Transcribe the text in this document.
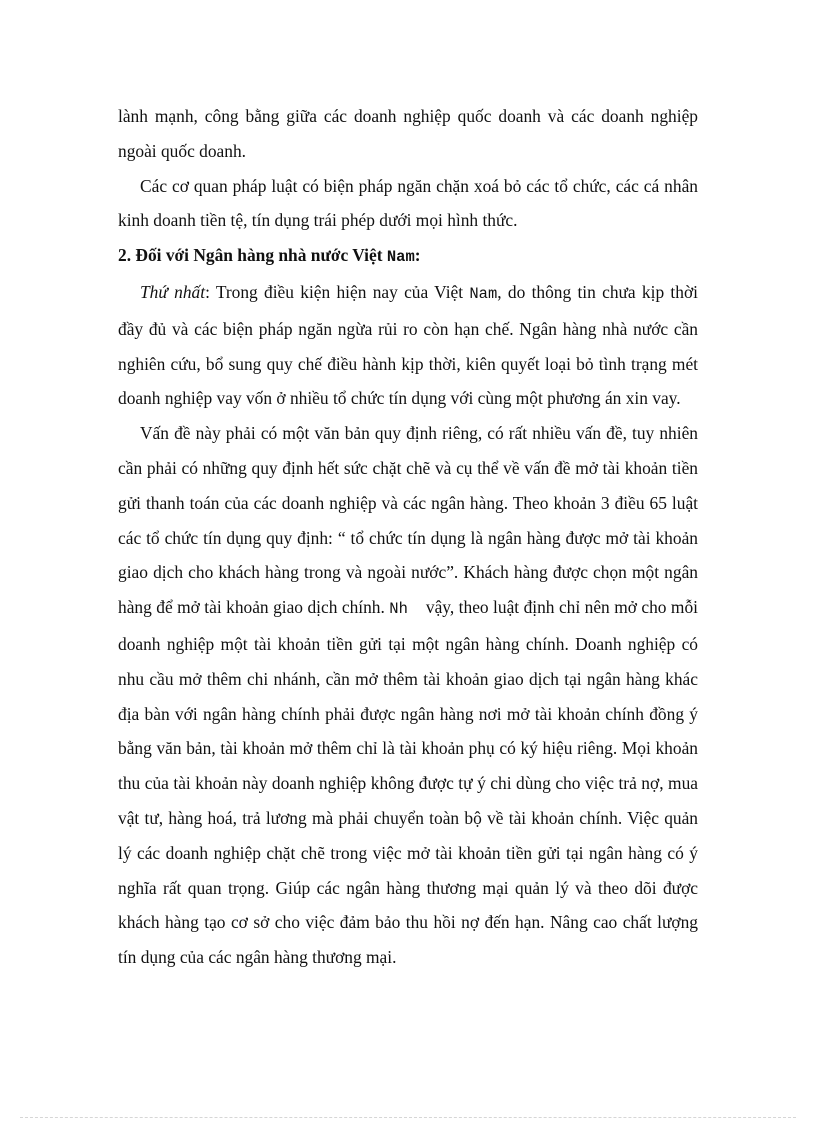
lành mạnh, công bằng giữa các doanh nghiệp quốc doanh và các doanh nghiệp ngoài quốc doanh.

Các cơ quan pháp luật có biện pháp ngăn chặn xoá bỏ các tổ chức, các cá nhân kinh doanh tiền tệ, tín dụng trái phép dưới mọi hình thức.

2. Đối với Ngân hàng nhà nước Việt Nam:

Thứ nhất: Trong điều kiện hiện nay của Việt Nam, do thông tin chưa kịp thời đầy đủ và các biện pháp ngăn ngừa rủi ro còn hạn chế. Ngân hàng nhà nước cần nghiên cứu, bổ sung quy chế điều hành kịp thời, kiên quyết loại bỏ tình trạng mét doanh nghiệp vay vốn ở nhiều tổ chức tín dụng với cùng một phương án xin vay.

Vấn đề này phải có một văn bản quy định riêng, có rất nhiều vấn đề, tuy nhiên cần phải có những quy định hết sức chặt chẽ và cụ thể về vấn đề mở tài khoản tiền gửi thanh toán của các doanh nghiệp và các ngân hàng. Theo khoản 3 điều 65 luật các tổ chức tín dụng quy định: “ tổ chức tín dụng là ngân hàng được mở tài khoản giao dịch cho khách hàng trong và ngoài nước”. Khách hàng được chọn một ngân hàng để mở tài khoản giao dịch chính. Nh vậy, theo luật định chỉ nên mở cho mỗi doanh nghiệp một tài khoản tiền gửi tại một ngân hàng chính. Doanh nghiệp có nhu cầu mở thêm chi nhánh, cần mở thêm tài khoản giao dịch tại ngân hàng khác địa bàn với ngân hàng chính phải được ngân hàng nơi mở tài khoản chính đồng ý bằng văn bản, tài khoản mở thêm chỉ là tài khoản phụ có ký hiệu riêng. Mọi khoản thu của tài khoản này doanh nghiệp không được tự ý chi dùng cho việc trả nợ, mua vật tư, hàng hoá, trả lương mà phải chuyển toàn bộ về tài khoản chính. Việc quản lý các doanh nghiệp chặt chẽ trong việc mở tài khoản tiền gửi tại ngân hàng có ý nghĩa rất quan trọng. Giúp các ngân hàng thương mại quản lý và theo dõi được khách hàng tạo cơ sở cho việc đảm bảo thu hồi nợ đến hạn. Nâng cao chất lượng tín dụng của các ngân hàng thương mại.
